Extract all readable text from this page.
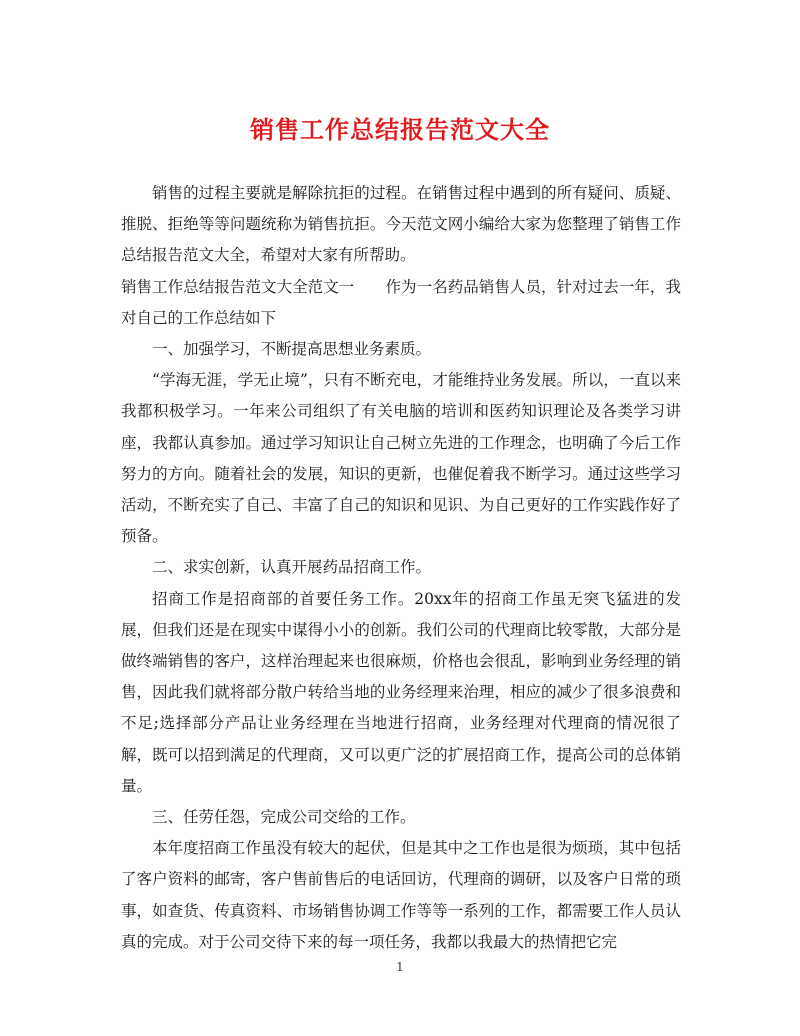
销售工作总结报告范文大全

销售的过程主要就是解除抗拒的过程。在销售过程中遇到的所有疑问、质疑、推脱、拒绝等等问题统称为销售抗拒。今天范文网小编给大家为您整理了销售工作总结报告范文大全，希望对大家有所帮助。

销售工作总结报告范文大全范文一　　作为一名药品销售人员，针对过去一年，我对自己的工作总结如下

一、加强学习，不断提高思想业务素质。

“学海无涯，学无止境”，只有不断充电，才能维持业务发展。所以，一直以来我都积极学习。一年来公司组织了有关电脑的培训和医药知识理论及各类学习讲座，我都认真参加。通过学习知识让自己树立先进的工作理念，也明确了今后工作努力的方向。随着社会的发展，知识的更新，也催促着我不断学习。通过这些学习活动，不断充实了自己、丰富了自己的知识和见识、为自己更好的工作实践作好了预备。

二、求实创新，认真开展药品招商工作。

招商工作是招商部的首要任务工作。20xx年的招商工作虽无突飞猛进的发展，但我们还是在现实中谋得小小的创新。我们公司的代理商比较零散，大部分是做终端销售的客户，这样治理起来也很麻烦，价格也会很乱，影响到业务经理的销售，因此我们就将部分散户转给当地的业务经理来治理，相应的减少了很多浪费和不足;选择部分产品让业务经理在当地进行招商，业务经理对代理商的情况很了解，既可以招到满足的代理商，又可以更广泛的扩展招商工作，提高公司的总体销量。

三、任劳任怨，完成公司交给的工作。

本年度招商工作虽没有较大的起伏，但是其中之工作也是很为烦琐，其中包括了客户资料的邮寄，客户售前售后的电话回访，代理商的调研，以及客户日常的琐事，如查货、传真资料、市场销售协调工作等等一系列的工作，都需要工作人员认真的完成。对于公司交待下来的每一项任务，我都以我最大的热情把它完

1
